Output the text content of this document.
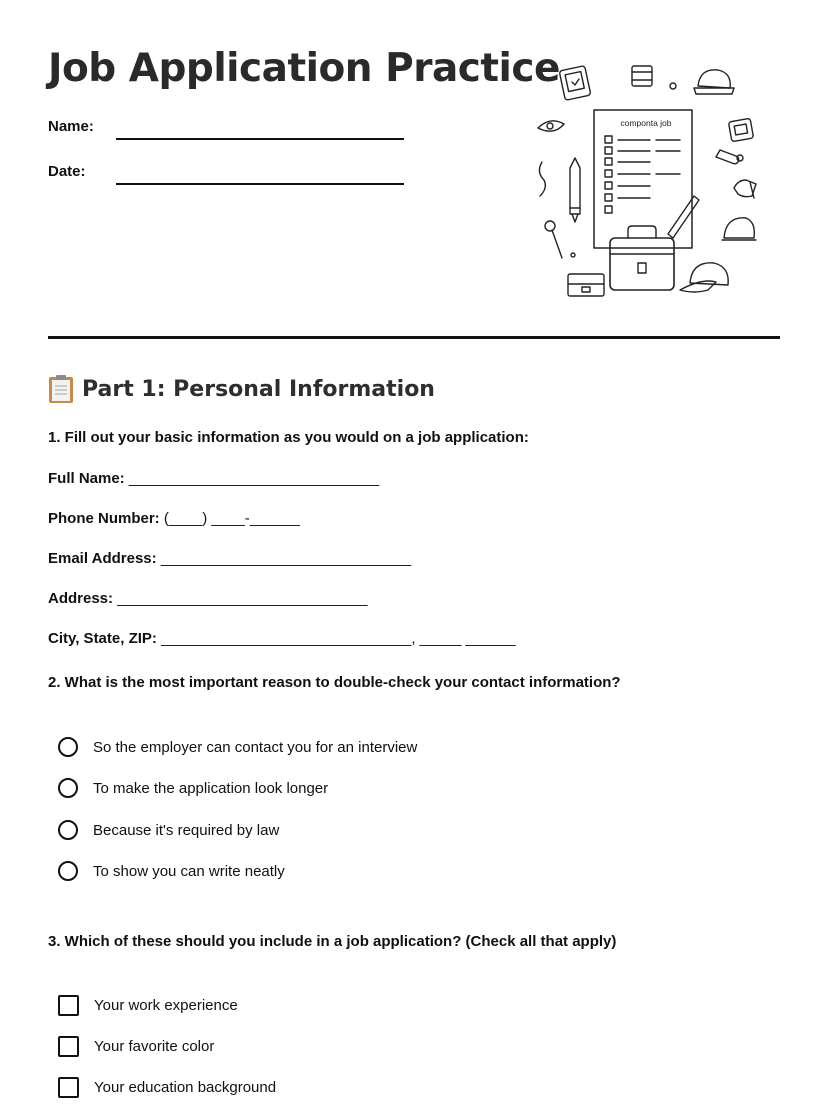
Job Application Practice
Name:
Date:
componta job
Part 1: Personal Information
1. Fill out your basic information as you would on a job application:
Full Name: ______________________________
Phone Number: (____) ____-______
Email Address: ______________________________
Address: ______________________________
City, State, ZIP: ______________________________, _____ ______
2. What is the most important reason to double-check your contact information?
So the employer can contact you for an interview
To make the application look longer
Because it's required by law
To show you can write neatly
3. Which of these should you include in a job application? (Check all that apply)
Your work experience
Your favorite color
Your education background
